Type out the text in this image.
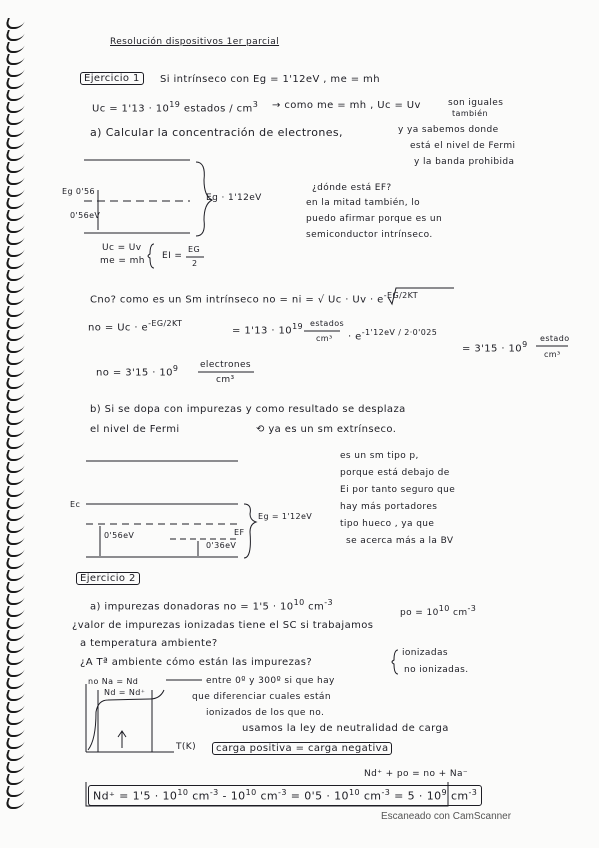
Resolución dispositivos 1er parcial
Ejercicio 1	Si intrínseco con Eg = 1'12eV , me = mh
$Uc = 1'13 \cdot 10^{19}$ estados / $cm^3$ → como me = mh , Uc = Uv	son iguales
también
a) Calcular la concentración de electrones,	y ya sabemos donde
está el nivel de Fermi
y la banda prohibida
Eg · 1'12eV
Eg 0'56
0'56eV
¿dónde está EF?
en la mitad también, lo
puedo afirmar porque es un
semiconductor intrínseco.
Uc = Uv
me = mh EI =
EG
2
Cno? como es un Sm intrínseco no = ni = √ $Uc \cdot Uv \cdot e^{-EG/2KT}$
no = $Uc \cdot e^{-EG/2KT}$
= $1'13 \cdot 10^{19}$ estados
$cm^3 \cdot e^{-1'12eV / 2\cdot 0'025}$
= $3'15 \cdot 10^9$
estado
cm³
no = $3'15 \cdot 10^9$ electrones
cm³
b) Si se dopa con impurezas y como resultado se desplaza
el nivel de Fermi	⟲ ya es un sm extrínseco.
Eg = 1'12eV
Ec
0'56eV	EF
0'36eV
es un sm tipo p,
porque está debajo de
Ei por tanto seguro que
hay más portadores
tipo hueco , ya que
se acerca más a la BV
Ejercicio 2
a) impurezas donadoras no = $1'5 \cdot 10^{10}$ $cm^{-3}$
po = $10^{10}$ $cm^{-3}$
¿valor de impurezas ionizadas tiene el SC si trabajamos
a temperatura ambiente?
¿A Tª ambiente cómo están las impurezas?
ionizadas
no ionizadas.
no Na = Nd
Nd = Nd⁺
entre 0º y 300º si que hay
que diferenciar cuales están
ionizados de los que no.
T(K)
usamos la ley de neutralidad de carga
carga positiva = carga negativa
Nd⁺ + po = no + Na⁻
$Nd^+ = 1'5 \cdot 10^{10}$ $cm^{-3} - 10^{10}$ $cm^{-3} = 0'5 \cdot 10^{10}$ $cm^{-3} = 5 \cdot 10^9$ $cm^{-3}$
Escaneado con CamScanner
